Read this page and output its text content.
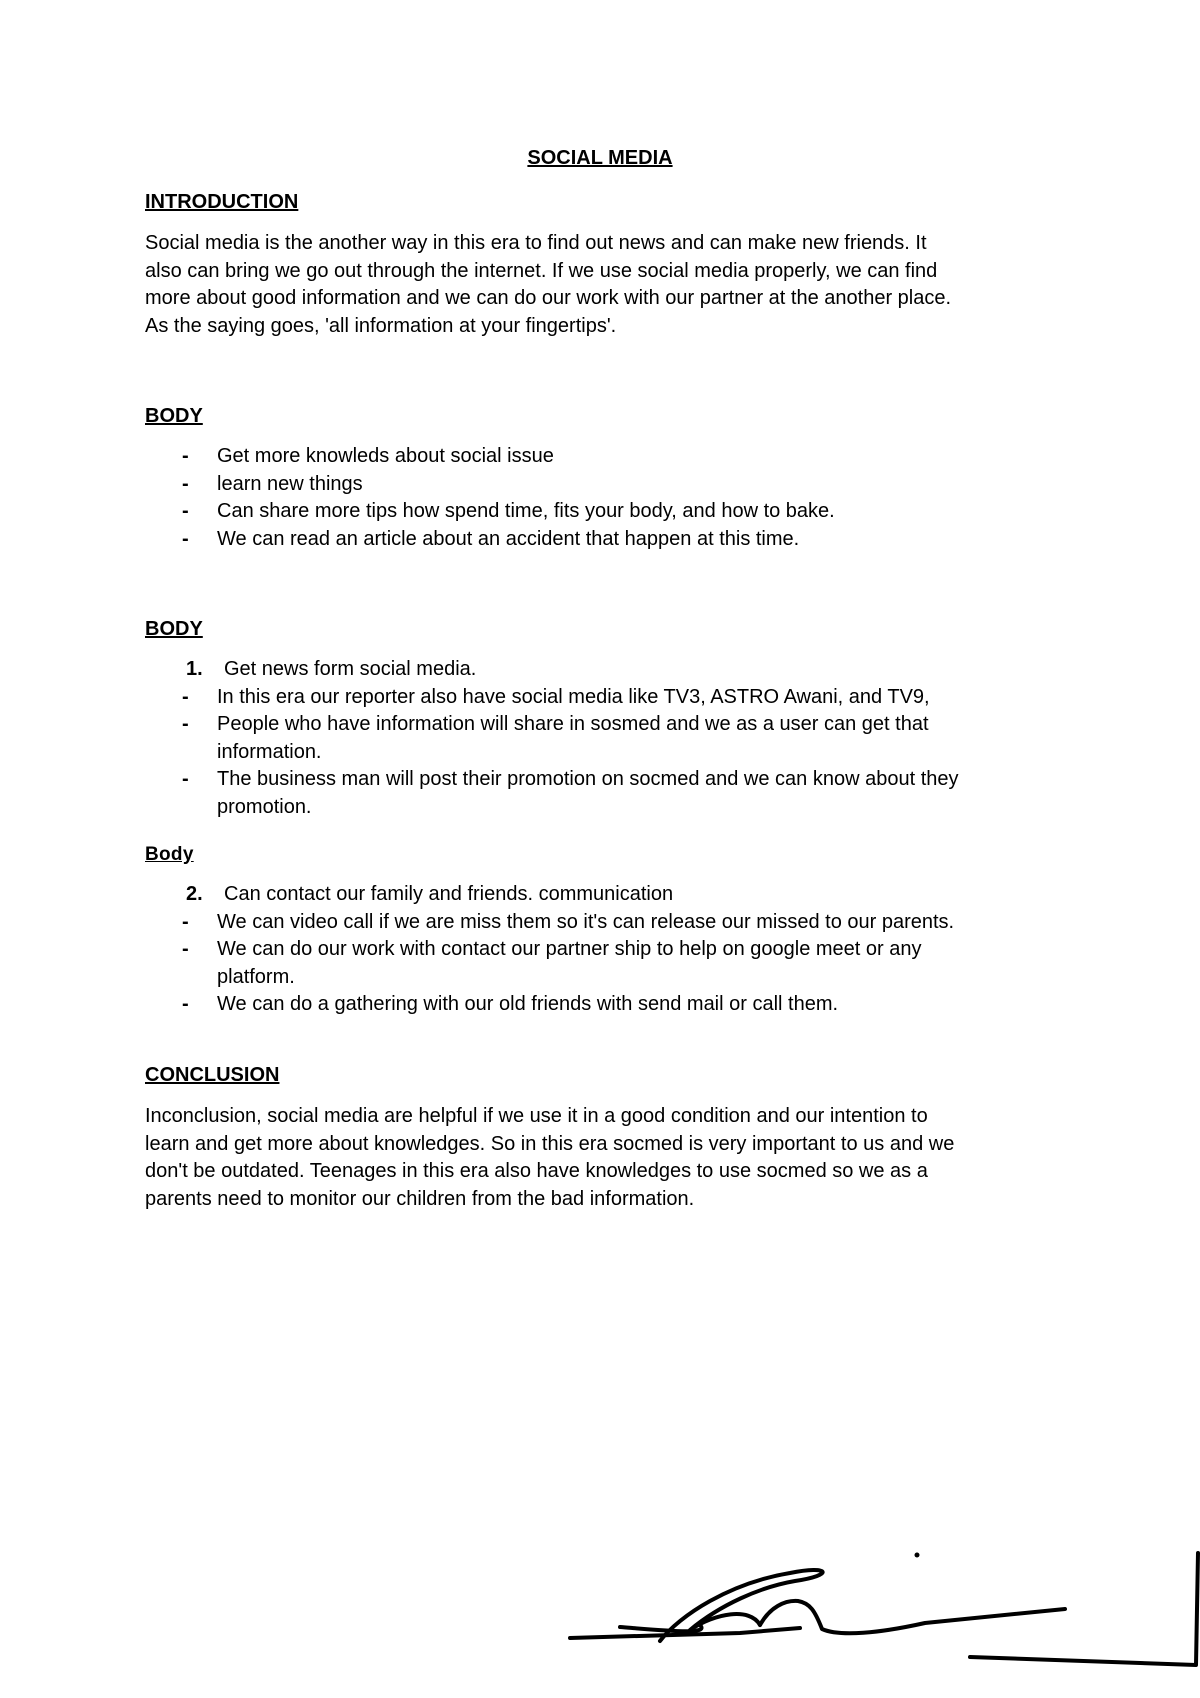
SOCIAL MEDIA
INTRODUCTION
Social media is the another way in this era to find out news and can make new friends. It
also can bring we go out through the internet. If we use social media properly, we can find
more about good information and we can do our work with our partner at the another place.
As the saying goes, 'all information at your fingertips'.
BODY
- Get more knowleds about social issue
- learn new things
- Can share more tips how spend time, fits your body, and how to bake.
- We can read an article about an accident that happen at this time.
BODY
1. Get news form social media.
- In this era our reporter also have social media like TV3, ASTRO Awani, and TV9,
- People who have information will share in sosmed and we as a user can get that
information.
- The business man will post their promotion on socmed and we can know about they
promotion.
Body
2. Can contact our family and friends. communication
- We can video call if we are miss them so it's can release our missed to our parents.
- We can do our work with contact our partner ship to help on google meet or any
platform.
- We can do a gathering with our old friends with send mail or call them.
CONCLUSION
Inconclusion, social media are helpful if we use it in a good condition and our intention to
learn and get more about knowledges. So in this era socmed is very important to us and we
don't be outdated. Teenages in this era also have knowledges to use socmed so we as a
parents need to monitor our children from the bad information.
